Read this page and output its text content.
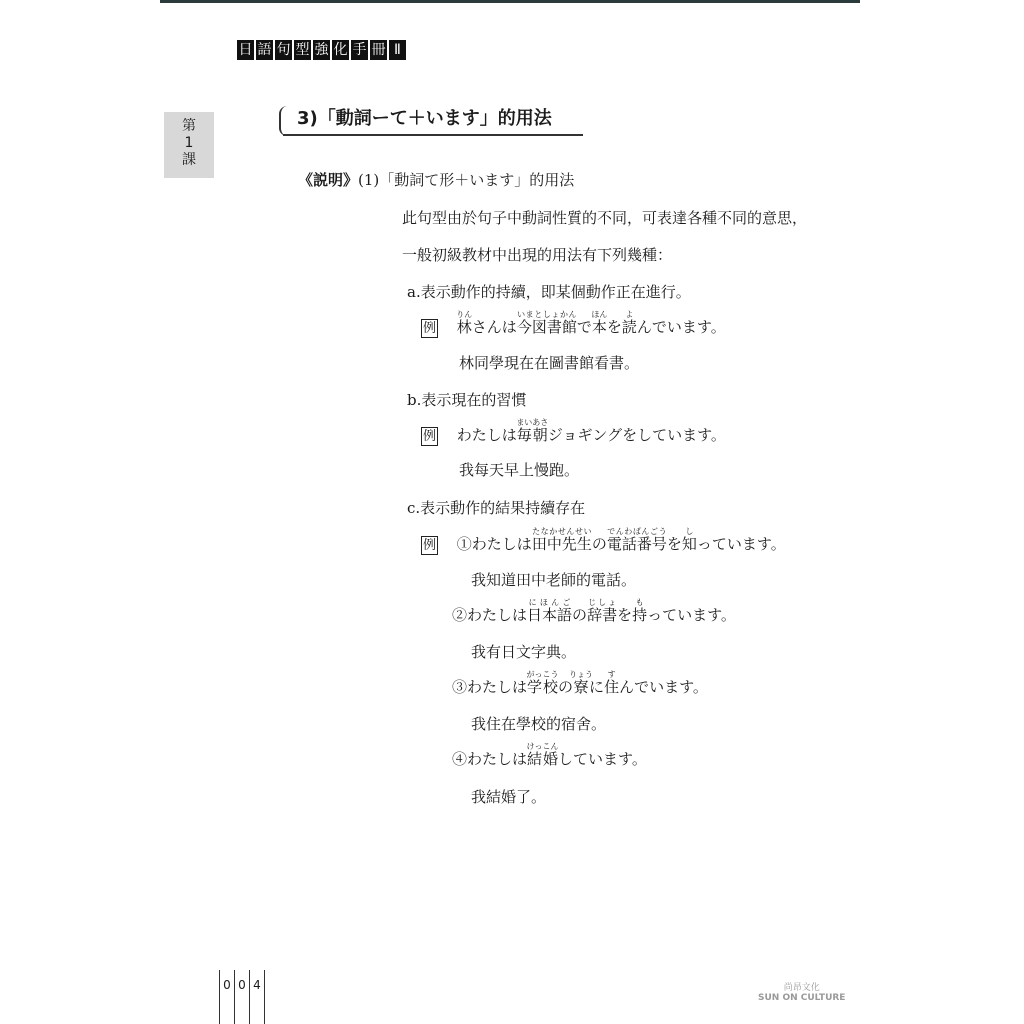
日 語 句 型 強 化 手 冊 Ⅱ
第
1
課
3)「動詞ーて＋います」的用法
《説明》(1)「動詞て形＋います」的用法
此句型由於句子中動詞性質的不同，可表達各種不同的意思，
一般初級教材中出現的用法有下列幾種：
a.表示動作的持續，即某個動作正在進行。
例 林りんさんは今図書館いまとしょかんで本ほんを読よんでいます。
林同學現在在圖書館看書。
b.表示現在的習慣
例 わたしは毎朝まいあさジョギングをしています。
我每天早上慢跑。
c.表示動作的結果持續存在
例 ①わたしは田中先生たなかせんせいの電話番号でんわばんごうを知しっています。
我知道田中老師的電話。
②わたしは日本語にほんごの辞書じしょを持もっています。
我有日文字典。
③わたしは学校がっこうの寮りょうに住すんでいます。
我住在學校的宿舍。
④わたしは結婚けっこんしています。
我結婚了。
0 0 4	尚昂文化
SUN ON CULTURE
